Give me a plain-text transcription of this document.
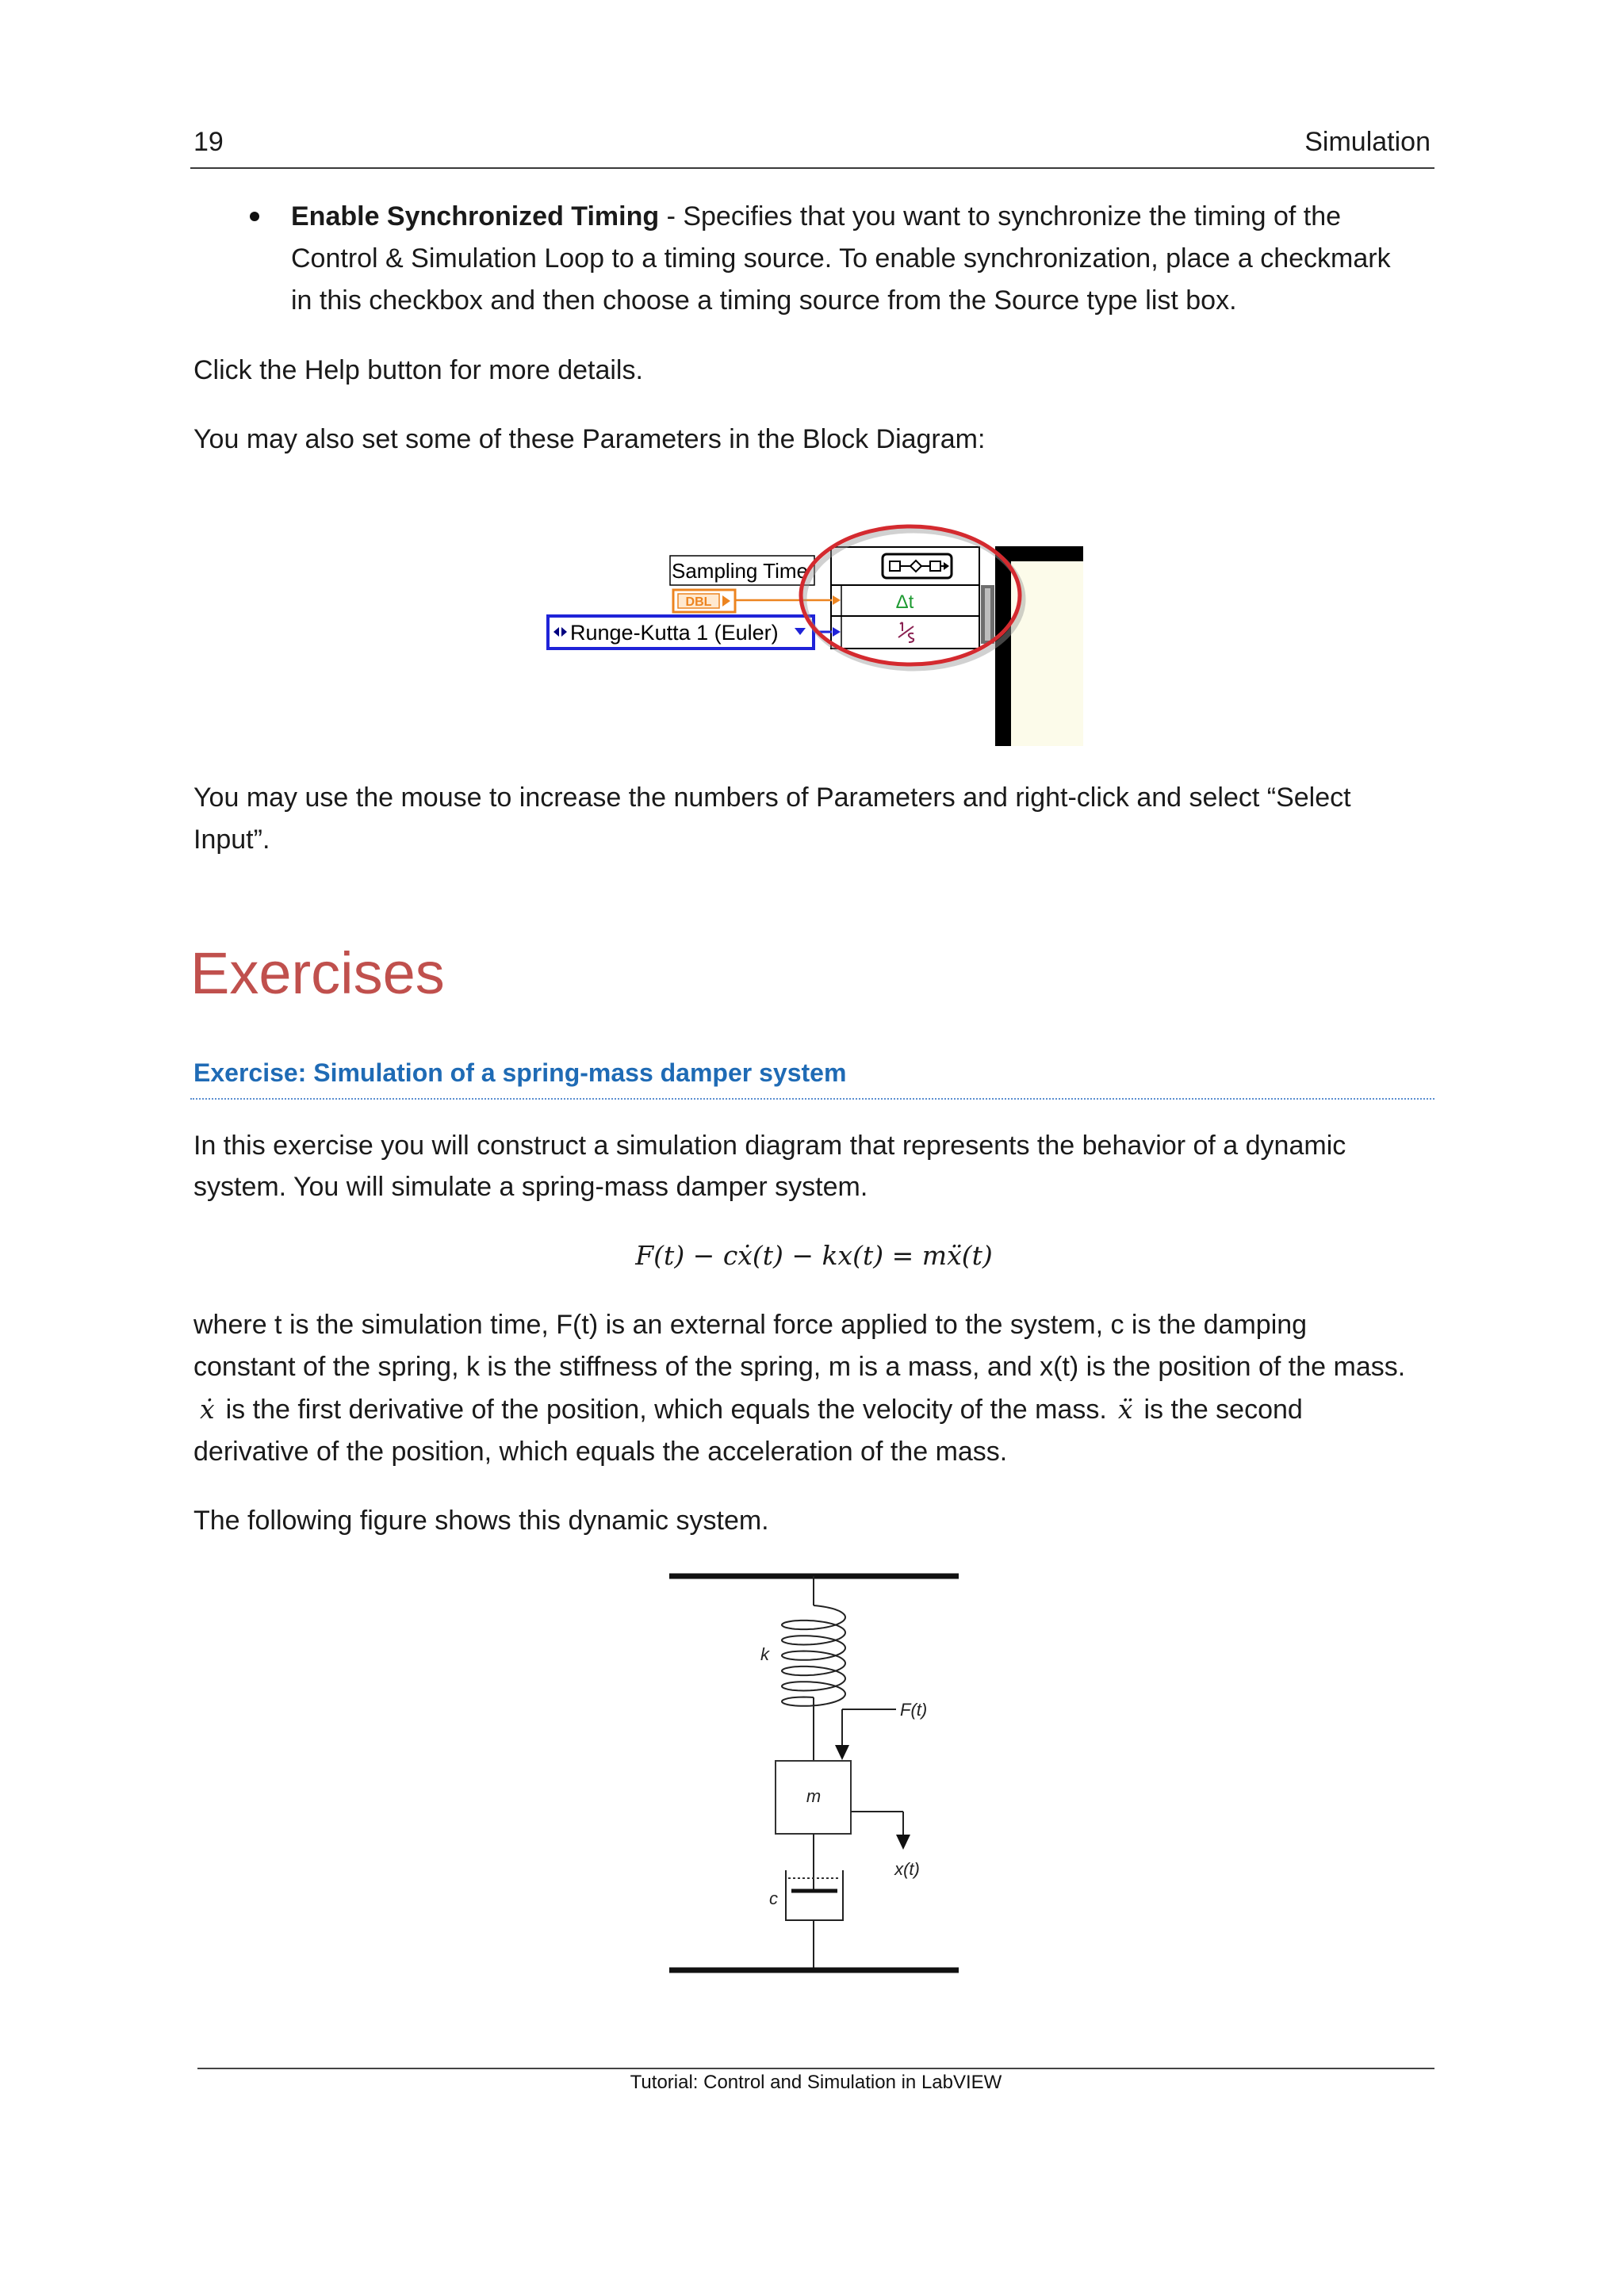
19	Simulation
Enable Synchronized Timing - Specifies that you want to synchronize the timing of the
Control & Simulation Loop to a timing source. To enable synchronization, place a checkmark
in this checkbox and then choose a timing source from the Source type list box.
Click the Help button for more details.
You may also set some of these Parameters in the Block Diagram:
Δt
Sampling Time
DBL
Runge-Kutta 1 (Euler)
You may use the mouse to increase the numbers of Parameters and right-click and select “Select
Input”.
Exercises
Exercise: Simulation of a spring-mass damper system
In this exercise you will construct a simulation diagram that represents the behavior of a dynamic
system. You will simulate a spring-mass damper system.
F(t) − cẋ(t) − kx(t) = mẍ(t)
where t is the simulation time, F(t) is an external force applied to the system, c is the damping
constant of the spring, k is the stiffness of the spring, m is a mass, and x(t) is the position of the mass.
ẋ is the first derivative of the position, which equals the velocity of the mass. ẍ is the second
derivative of the position, which equals the acceleration of the mass.
The following figure shows this dynamic system.
k
F(t)
m
x(t)
c
Tutorial: Control and Simulation in LabVIEW
